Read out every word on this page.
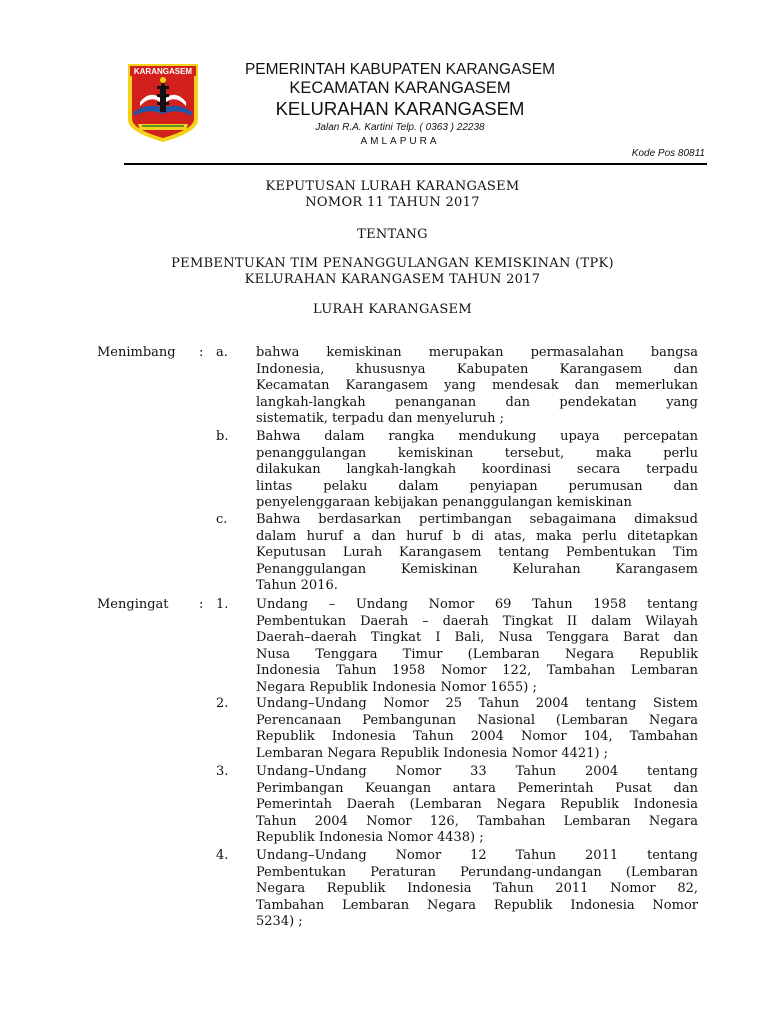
KARANGASEM	PEMERINTAH KABUPATEN KARANGASEM
KECAMATAN KARANGASEM
KELURAHAN KARANGASEM
Jalan R.A. Kartini Telp. ( 0363 ) 22238
AMLAPURA
Kode Pos 80811
KEPUTUSAN LURAH KARANGASEM
NOMOR 11 TAHUN 2017
TENTANG
PEMBENTUKAN TIM PENANGGULANGAN KEMISKINAN (TPK)
KELURAHAN KARANGASEM TAHUN 2017
LURAH KARANGASEM
Menimbang : a. bahwa kemiskinan merupakan permasalahan bangsa
Indonesia, khususnya Kabupaten Karangasem dan
Kecamatan Karangasem yang mendesak dan memerlukan
langkah-langkah penanganan dan pendekatan yang
sistematik, terpadu dan menyeluruh ;
b. Bahwa dalam rangka mendukung upaya percepatan
penanggulangan kemiskinan tersebut, maka perlu
dilakukan langkah-langkah koordinasi secara terpadu
lintas pelaku dalam penyiapan perumusan dan
penyelenggaraan kebijakan penanggulangan kemiskinan
c. Bahwa berdasarkan pertimbangan sebagaimana dimaksud
dalam huruf a dan huruf b di atas, maka perlu ditetapkan
Keputusan Lurah Karangasem tentang Pembentukan Tim
Penanggulangan Kemiskinan Kelurahan Karangasem
Tahun 2016.
Mengingat : 1. Undang – Undang Nomor 69 Tahun 1958 tentang
Pembentukan Daerah – daerah Tingkat II dalam Wilayah
Daerah–daerah Tingkat I Bali, Nusa Tenggara Barat dan
Nusa Tenggara Timur (Lembaran Negara Republik
Indonesia Tahun 1958 Nomor 122, Tambahan Lembaran
Negara Republik Indonesia Nomor 1655) ;
2. Undang–Undang Nomor 25 Tahun 2004 tentang Sistem
Perencanaan Pembangunan Nasional (Lembaran Negara
Republik Indonesia Tahun 2004 Nomor 104, Tambahan
Lembaran Negara Republik Indonesia Nomor 4421) ;
3. Undang–Undang Nomor 33 Tahun 2004 tentang
Perimbangan Keuangan antara Pemerintah Pusat dan
Pemerintah Daerah (Lembaran Negara Republik Indonesia
Tahun 2004 Nomor 126, Tambahan Lembaran Negara
Republik Indonesia Nomor 4438) ;
4. Undang–Undang Nomor 12 Tahun 2011 tentang
Pembentukan Peraturan Perundang-undangan (Lembaran
Negara Republik Indonesia Tahun 2011 Nomor 82,
Tambahan Lembaran Negara Republik Indonesia Nomor
5234) ;
